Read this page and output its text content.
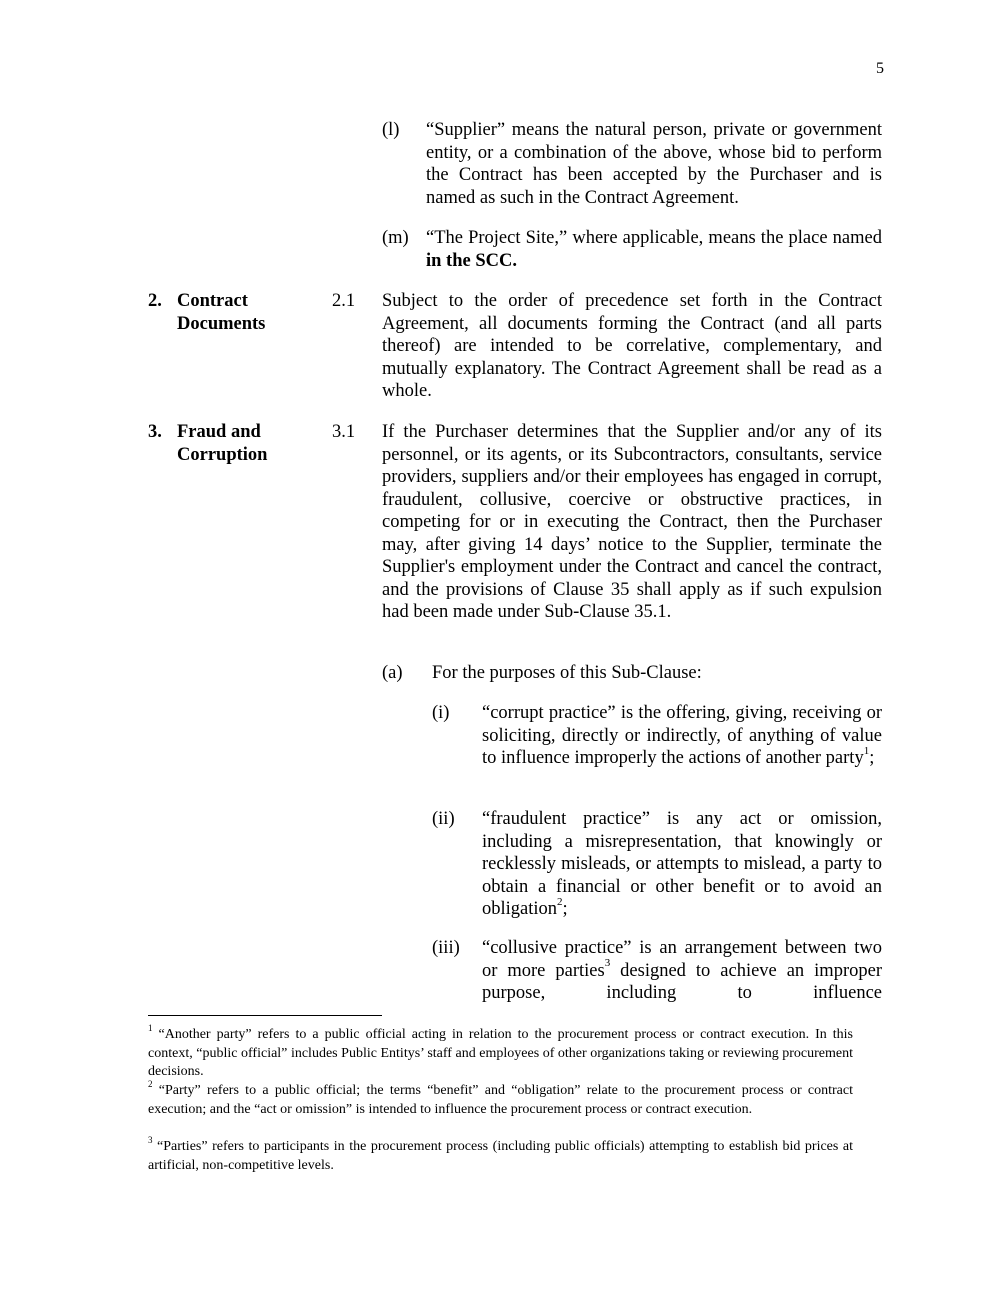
5
(l) “Supplier” means the natural person, private or government entity, or a combination of the above, whose bid to perform the Contract has been accepted by the Purchaser and is named as such in the Contract Agreement.
(m) “The Project Site,” where applicable, means the place named in the SCC.
2. Contract
Documents
2.1 Subject to the order of precedence set forth in the Contract Agreement, all documents forming the Contract (and all parts thereof) are intended to be correlative, complementary, and mutually explanatory. The Contract Agreement shall be read as a whole.
3. Fraud and
Corruption
3.1 If the Purchaser determines that the Supplier and/or any of its personnel, or its agents, or its Subcontractors, consultants, service providers, suppliers and/or their employees has engaged in corrupt, fraudulent, collusive, coercive or obstructive practices, in competing for or in executing the Contract, then the Purchaser may, after giving 14 days’ notice to the Supplier, terminate the Supplier's employment under the Contract and cancel the contract, and the provisions of Clause 35 shall apply as if such expulsion had been made under Sub-Clause 35.1.
(a) For the purposes of this Sub-Clause:
(i) “corrupt practice” is the offering, giving, receiving or soliciting, directly or indirectly, of anything of value to influence improperly the actions of another party$^1$;
(ii) “fraudulent practice” is any act or omission, including a misrepresentation, that knowingly or recklessly misleads, or attempts to mislead, a party to obtain a financial or other benefit or to avoid an obligation$^2$;
(iii) “collusive practice” is an arrangement between two or more parties$^3$ designed to achieve an improper purpose, including to influence
$^1$ “Another party” refers to a public official acting in relation to the procurement process or contract execution. In this context, “public official” includes Public Entitys’ staff and employees of other organizations taking or reviewing procurement decisions.
$^2$ “Party” refers to a public official; the terms “benefit” and “obligation” relate to the procurement process or contract execution; and the “act or omission” is intended to influence the procurement process or contract execution.
$^3$ “Parties” refers to participants in the procurement process (including public officials) attempting to establish bid prices at artificial, non-competitive levels.
